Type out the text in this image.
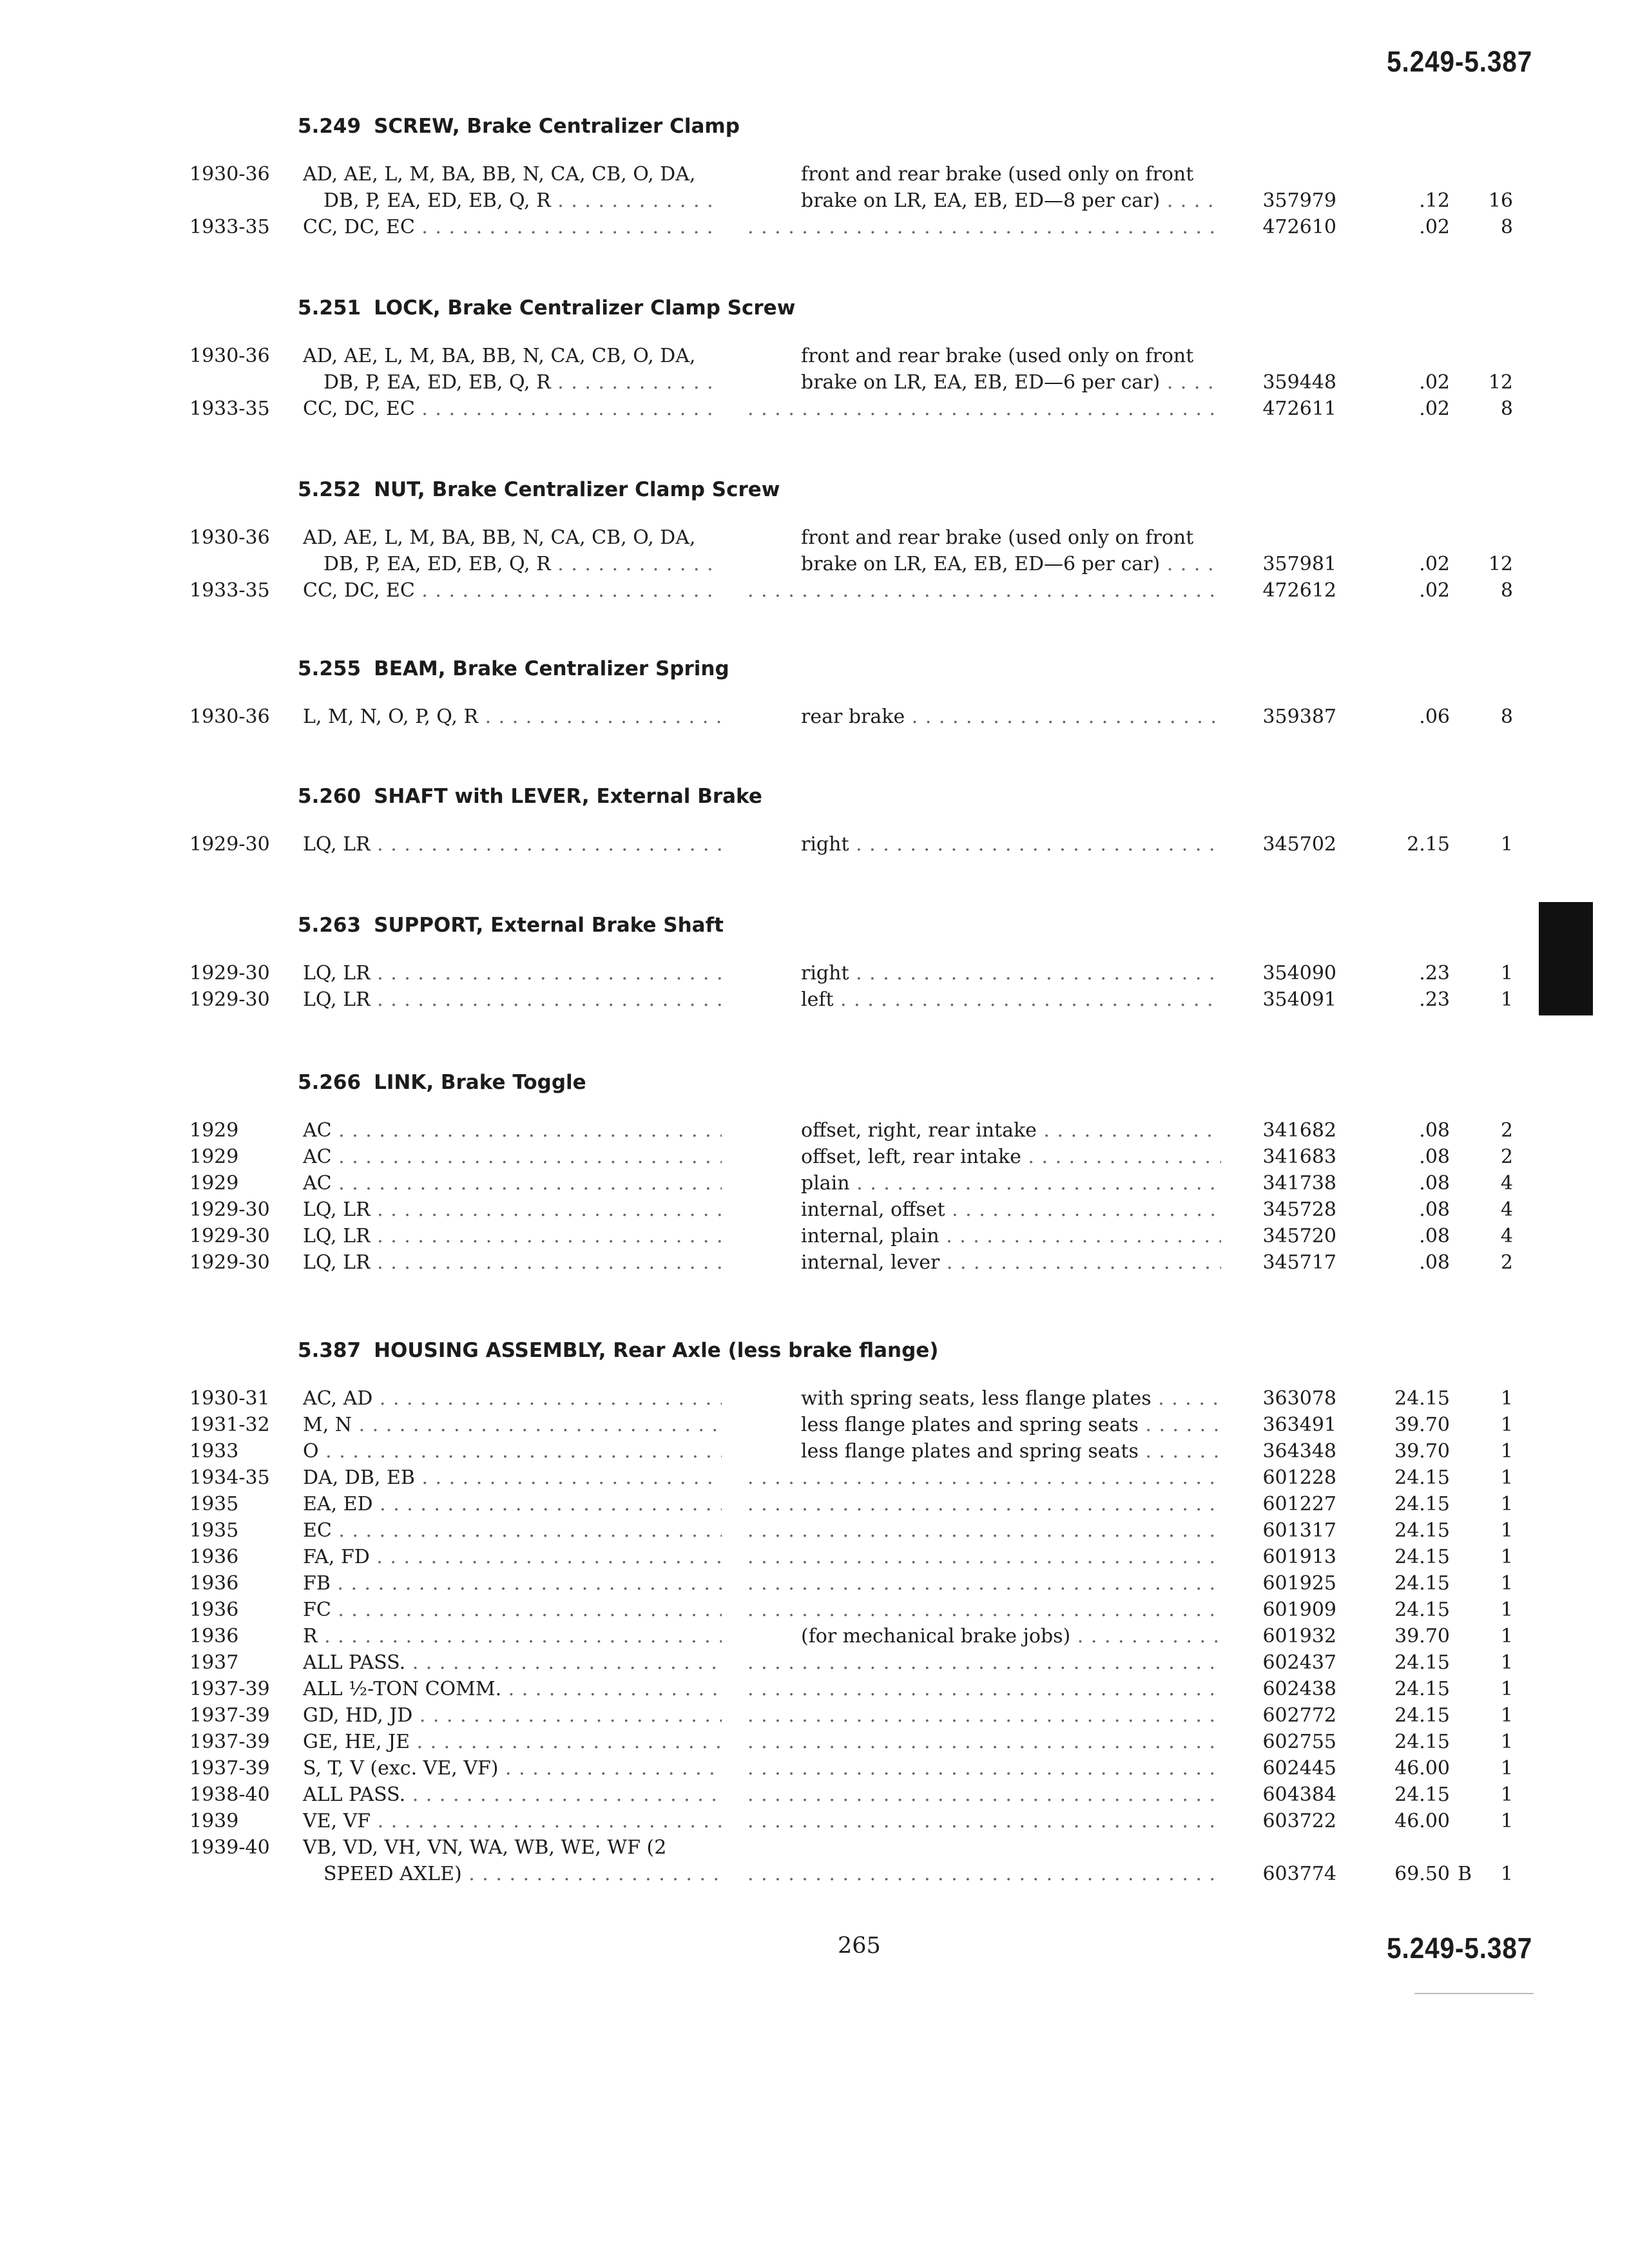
5.249-5.387
5.249 SCREW, Brake Centralizer Clamp
1930-36 AD, AE, L, M, BA, BB, N, CA, CB, O, DA,
DB, P, EA, ED, EB, Q, R . . .
front and rear brake (used only on front
brake on LR, EA, EB, ED—8 per car) . . .	357979	.12	16
1933-35 CC, DC, EC . . . . . .	472610	.02	8
5.251 LOCK, Brake Centralizer Clamp Screw
1930-36 AD, AE, L, M, BA, BB, N, CA, CB, O, DA,
DB, P, EA, ED, EB, Q, R . . .
front and rear brake (used only on front
brake on LR, EA, EB, ED—6 per car) . . .	359448	.02	12
1933-35 CC, DC, EC . . . . . .	472611	.02	8
5.252 NUT, Brake Centralizer Clamp Screw
1930-36 AD, AE, L, M, BA, BB, N, CA, CB, O, DA,
DB, P, EA, ED, EB, Q, R . . .
front and rear brake (used only on front
brake on LR, EA, EB, ED—6 per car) . . .	357981	.02	12
1933-35 CC, DC, EC . . . . . .	472612	.02	8
5.255 BEAM, Brake Centralizer Spring
1930-36 L, M, N, O, P, Q, R . . .	rear brake . . .	359387	.06	8
5.260 SHAFT with LEVER, External Brake
1929-30 LQ, LR . . .	right . . .	345702	2.15	1
5.263 SUPPORT, External Brake Shaft
1929-30 LQ, LR . . .	right . . .	354090	.23	1
1929-30 LQ, LR . . .	left . . .	354091	.23	1
5.266 LINK, Brake Toggle
1929	AC . . .	offset, right, rear intake . . .	341682	.08	2
1929	AC . . .	offset, left, rear intake . . .	341683	.08	2
1929	AC . . .	plain . . .	341738	.08	4
1929-30 LQ, LR . . .	internal, offset . . .	345728	.08	4
1929-30 LQ, LR . . .	internal, plain . . .	345720	.08	4
1929-30 LQ, LR . . .	internal, lever . . .	345717	.08	2
5.387 HOUSING ASSEMBLY, Rear Axle (less brake flange)
1930-31 AC, AD . . .	with spring seats, less flange plates . . .	363078	24.15	1
1931-32 M, N . . .	less flange plates and spring seats . . .	363491	39.70	1
1933	O . . .	less flange plates and spring seats . . .	364348	39.70	1
1934-35 DA, DB, EB . . . . . .	601228	24.15	1
1935	EA, ED . . . . . .	601227	24.15	1
1935	EC . . . . . .	601317	24.15	1
1936	FA, FD . . . . . .	601913	24.15	1
1936	FB . . . . . .	601925	24.15	1
1936	FC . . . . . .	601909	24.15	1
1936	R . . .	(for mechanical brake jobs) . . .	601932	39.70	1
1937	ALL PASS. . . . . . .	602437	24.15	1
1937-39 ALL ½-TON COMM. . . . . . .	602438	24.15	1
1937-39 GD, HD, JD . . . . . .	602772	24.15	1
1937-39 GE, HE, JE . . . . . .	602755	24.15	1
1937-39 S, T, V (exc. VE, VF) . . . . . .	602445	46.00	1
1938-40 ALL PASS. . . . . . .	604384	24.15	1
1939	VE, VF . . . . . .	603722	46.00	1
1939-40 VB, VD, VH, VN, WA, WB, WE, WF (2
SPEED AXLE) . . . . . .	603774	69.50 B	1
265	5.249-5.387
